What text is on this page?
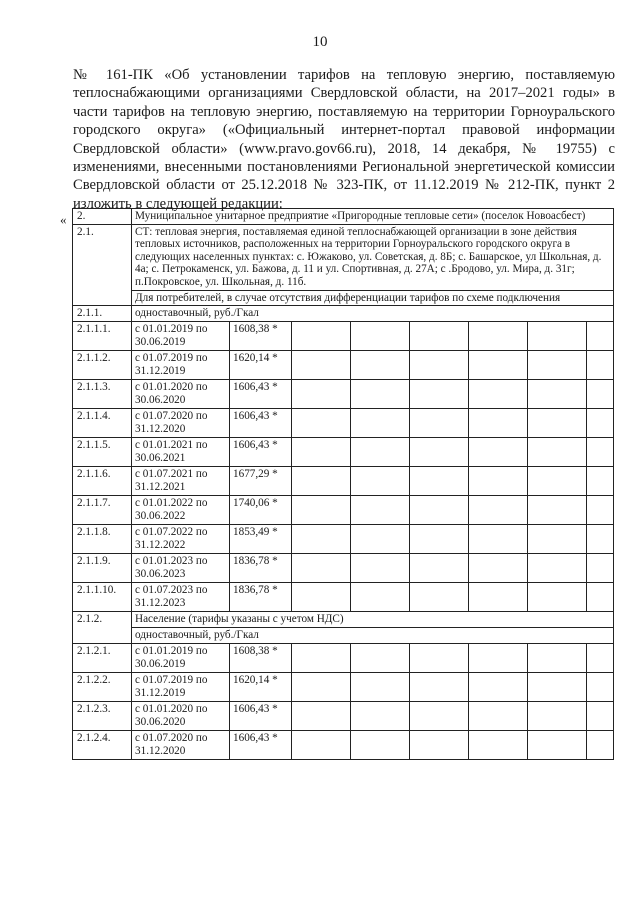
10
№ 161-ПК «Об установлении тарифов на тепловую энергию, поставляемую теплоснабжающими организациями Свердловской области, на 2017–2021 годы» в части тарифов на тепловую энергию, поставляемую на территории Горноуральского городского округа» («Официальный интернет-портал правовой информации Свердловской области» (www.pravo.gov66.ru), 2018, 14 декабря, № 19755) с изменениями, внесенными постановлениями Региональной энергетической комиссии Свердловской области от 25.12.2018 № 323-ПК, от 11.12.2019 № 212-ПК, пункт 2 изложить в следующей редакции:
« 2.	Муниципальное унитарное предприятие «Пригородные тепловые сети» (поселок Новоасбест)							
2.1.	СТ: тепловая энергия, поставляемая единой теплоснабжающей организации в зоне действия тепловых источников, расположенных на территории Горноуральского городского округа в следующих населенных пунктах: с. Южаково, ул. Советская, д. 8Б; с. Башарское, ул Школьная, д. 4а; с. Петрокаменск, ул. Бажова, д. 11 и ул. Спортивная, д. 27А; с .Бродово, ул. Мира, д. 31г; п.Покровское, ул. Школьная, д. 11б.							
	Для потребителей, в случае отсутствия дифференциации тарифов по схеме подключения							
2.1.1.	одноставочный, руб./Гкал							
2.1.1.1.	с 01.01.2019 по 30.06.2019	1608,38 *						
2.1.1.2.	с 01.07.2019 по 31.12.2019	1620,14 *						
2.1.1.3.	с 01.01.2020 по 30.06.2020	1606,43 *						
2.1.1.4.	с 01.07.2020 по 31.12.2020	1606,43 *						
2.1.1.5.	с 01.01.2021 по 30.06.2021	1606,43 *						
2.1.1.6.	с 01.07.2021 по 31.12.2021	1677,29 *						
2.1.1.7.	с 01.01.2022 по 30.06.2022	1740,06 *						
2.1.1.8.	с 01.07.2022 по 31.12.2022	1853,49 *						
2.1.1.9.	с 01.01.2023 по 30.06.2023	1836,78 *						
2.1.1.10.	с 01.07.2023 по 31.12.2023	1836,78 *						
2.1.2.	Население (тарифы указаны с учетом НДС)							
	одноставочный, руб./Гкал							
2.1.2.1.	с 01.01.2019 по 30.06.2019	1608,38 *						
2.1.2.2.	с 01.07.2019 по 31.12.2019	1620,14 *						
2.1.2.3.	с 01.01.2020 по 30.06.2020	1606,43 *						
2.1.2.4.	с 01.07.2020 по 31.12.2020	1606,43 *						
